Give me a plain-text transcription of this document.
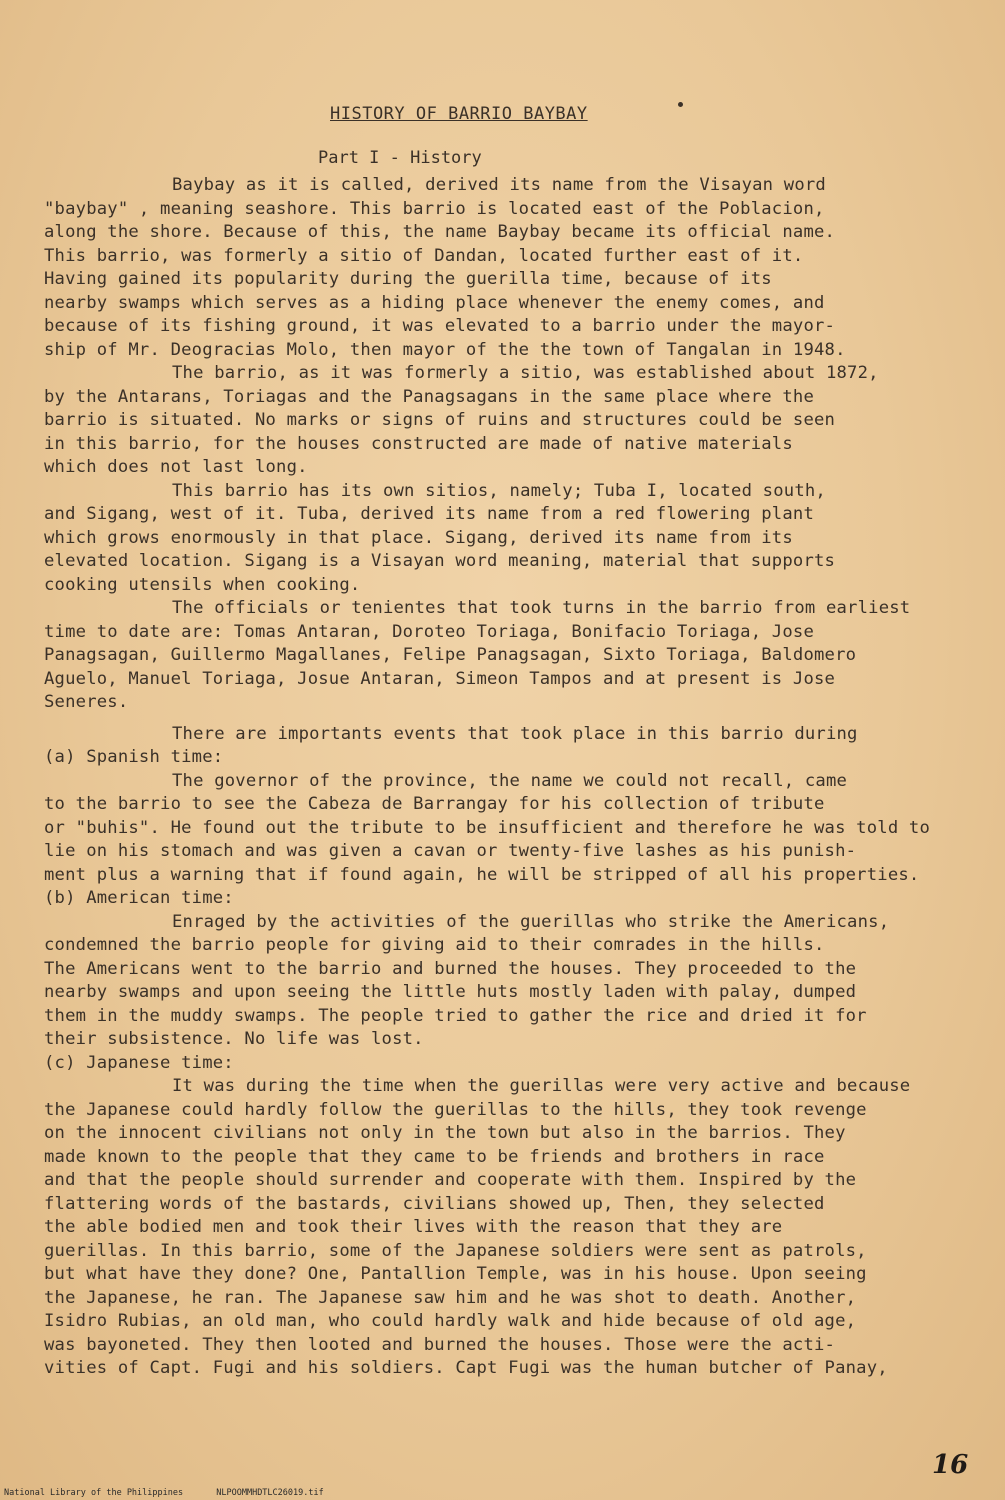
HISTORY OF BARRIO BAYBAY
Part I - History
Baybay as it is called, derived its name from the Visayan word
"baybay" , meaning seashore. This barrio is located east of the Poblacion,
along the shore. Because of this, the name Baybay became its official name.
This barrio, was formerly a sitio of Dandan, located further east of it.
Having gained its popularity during the guerilla time, because of its
nearby swamps which serves as a hiding place whenever the enemy comes, and
because of its fishing ground, it was elevated to a barrio under the mayor-
ship of Mr. Deogracias Molo, then mayor of the the town of Tangalan in 1948.
The barrio, as it was formerly a sitio, was established about 1872,
by the Antarans, Toriagas and the Panagsagans in the same place where the
barrio is situated. No marks or signs of ruins and structures could be seen
in this barrio, for the houses constructed are made of native materials
which does not last long.
This barrio has its own sitios, namely; Tuba I, located south,
and Sigang, west of it. Tuba, derived its name from a red flowering plant
which grows enormously in that place. Sigang, derived its name from its
elevated location. Sigang is a Visayan word meaning, material that supports
cooking utensils when cooking.
The officials or tenientes that took turns in the barrio from earliest
time to date are: Tomas Antaran, Doroteo Toriaga, Bonifacio Toriaga, Jose
Panagsagan, Guillermo Magallanes, Felipe Panagsagan, Sixto Toriaga, Baldomero
Aguelo, Manuel Toriaga, Josue Antaran, Simeon Tampos and at present is Jose
Seneres.
There are importants events that took place in this barrio during
(a) Spanish time:
The governor of the province, the name we could not recall, came
to the barrio to see the Cabeza de Barrangay for his collection of tribute
or "buhis". He found out the tribute to be insufficient and therefore he was told to
lie on his stomach and was given a cavan or twenty-five lashes as his punish-
ment plus a warning that if found again, he will be stripped of all his properties.
(b) American time:
Enraged by the activities of the guerillas who strike the Americans,
condemned the barrio people for giving aid to their comrades in the hills.
The Americans went to the barrio and burned the houses. They proceeded to the
nearby swamps and upon seeing the little huts mostly laden with palay, dumped
them in the muddy swamps. The people tried to gather the rice and dried it for
their subsistence. No life was lost.
(c) Japanese time:
It was during the time when the guerillas were very active and because
the Japanese could hardly follow the guerillas to the hills, they took revenge
on the innocent civilians not only in the town but also in the barrios. They
made known to the people that they came to be friends and brothers in race
and that the people should surrender and cooperate with them. Inspired by the
flattering words of the bastards, civilians showed up, Then, they selected
the able bodied men and took their lives with the reason that they are
guerillas. In this barrio, some of the Japanese soldiers were sent as patrols,
but what have they done? One, Pantallion Temple, was in his house. Upon seeing
the Japanese, he ran. The Japanese saw him and he was shot to death. Another,
Isidro Rubias, an old man, who could hardly walk and hide because of old age,
was bayoneted. They then looted and burned the houses. Those were the acti-
vities of Capt. Fugi and his soldiers. Capt Fugi was the human butcher of Panay,
16
National Library of the Philippines	NLPOOMMHDTLC26019.tif
